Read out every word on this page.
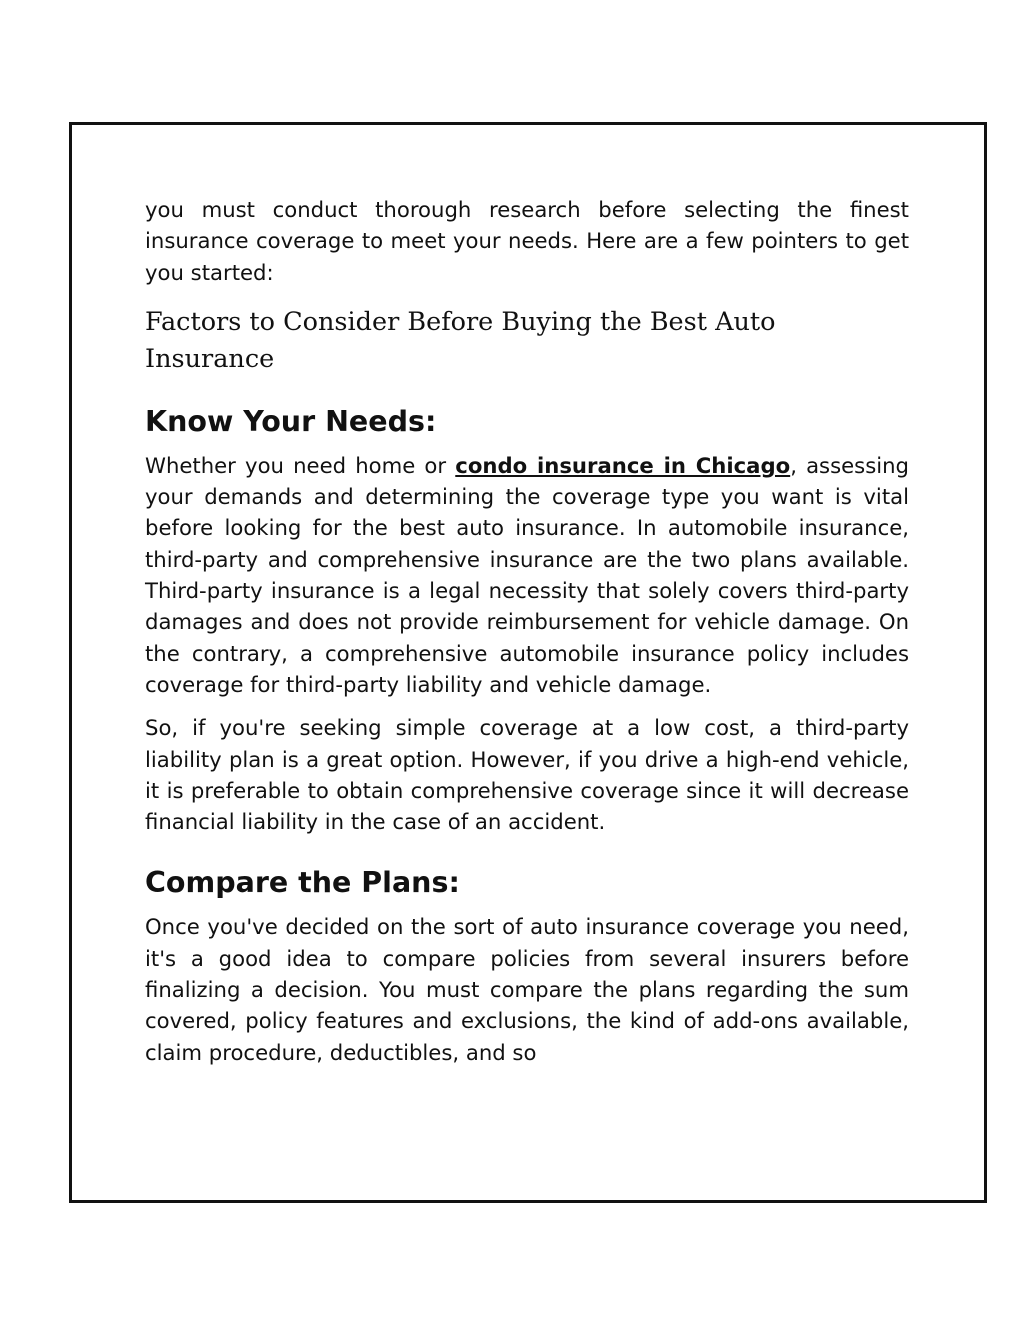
you must conduct thorough research before selecting the finest insurance coverage to meet your needs. Here are a few pointers to get you started:

Factors to Consider Before Buying the Best Auto Insurance
Know Your Needs:

Whether you need home or condo insurance in Chicago, assessing your demands and determining the coverage type you want is vital before looking for the best auto insurance. In automobile insurance, third-party and comprehensive insurance are the two plans available. Third-party insurance is a legal necessity that solely covers third-party damages and does not provide reimbursement for vehicle damage. On the contrary, a comprehensive automobile insurance policy includes coverage for third-party liability and vehicle damage.

So, if you're seeking simple coverage at a low cost, a third-party liability plan is a great option. However, if you drive a high-end vehicle, it is preferable to obtain comprehensive coverage since it will decrease financial liability in the case of an accident.

Compare the Plans:

Once you've decided on the sort of auto insurance coverage you need, it's a good idea to compare policies from several insurers before finalizing a decision. You must compare the plans regarding the sum covered, policy features and exclusions, the kind of add-ons available, claim procedure, deductibles, and so
